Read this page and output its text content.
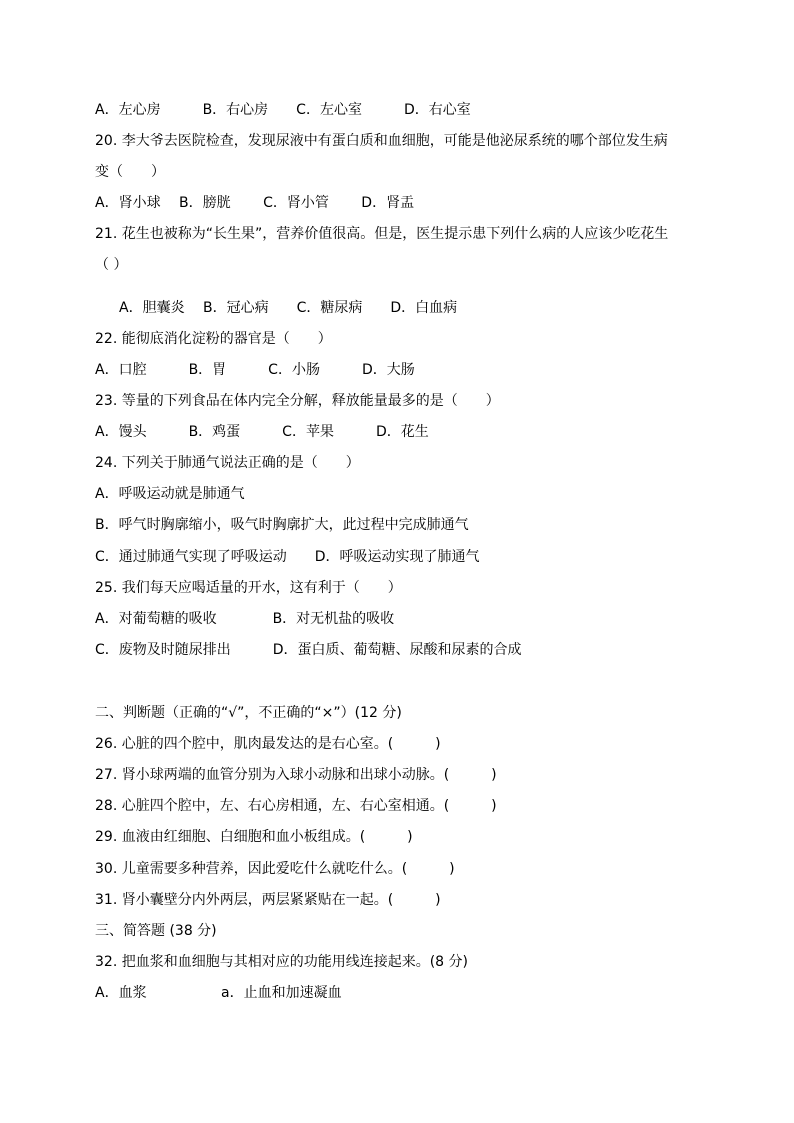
A．左心房　　　B．右心房　　C．左心室　　　D．右心室
20. 李大爷去医院检查，发现尿液中有蛋白质和血细胞，可能是他泌尿系统的哪个部位发生病
变（　　）
A．肾小球　 B．膀胱　　 C．肾小管　　 D．肾盂
21. 花生也被称为“长生果”，营养价值很高。但是，医生提示患下列什么病的人应该少吃花生
（ ）
A．胆囊炎　 B．冠心病　　C．糖尿病　　D．白血病
22. 能彻底消化淀粉的器官是（　　）
A．口腔　　　B．胃　　　C．小肠　　　D．大肠
23. 等量的下列食品在体内完全分解，释放能量最多的是（　　）
A．馒头　　　B．鸡蛋　　　C．苹果　　　D．花生
24. 下列关于肺通气说法正确的是（　　）
A．呼吸运动就是肺通气
B．呼气时胸廓缩小，吸气时胸廓扩大，此过程中完成肺通气
C．通过肺通气实现了呼吸运动　　D．呼吸运动实现了肺通气
25. 我们每天应喝适量的开水，这有利于（　　）
A．对葡萄糖的吸收　　　　B．对无机盐的吸收
C．废物及时随尿排出　　　D．蛋白质、葡萄糖、尿酸和尿素的合成
二、判断题（正确的“√”，不正确的“×”）(12 分)
26. 心脏的四个腔中，肌肉最发达的是右心室。(　　　)
27. 肾小球两端的血管分别为入球小动脉和出球小动脉。(　　　)
28. 心脏四个腔中，左、右心房相通，左、右心室相通。(　　　)
29. 血液由红细胞、白细胞和血小板组成。(　　　)
30. 儿童需要多种营养，因此爱吃什么就吃什么。(　　　)
31. 肾小囊壁分内外两层，两层紧紧贴在一起。(　　　)
三、简答题 (38 分)
32. 把血浆和血细胞与其相对应的功能用线连接起来。(8 分)
A．血浆　　　　　 a．止血和加速凝血
